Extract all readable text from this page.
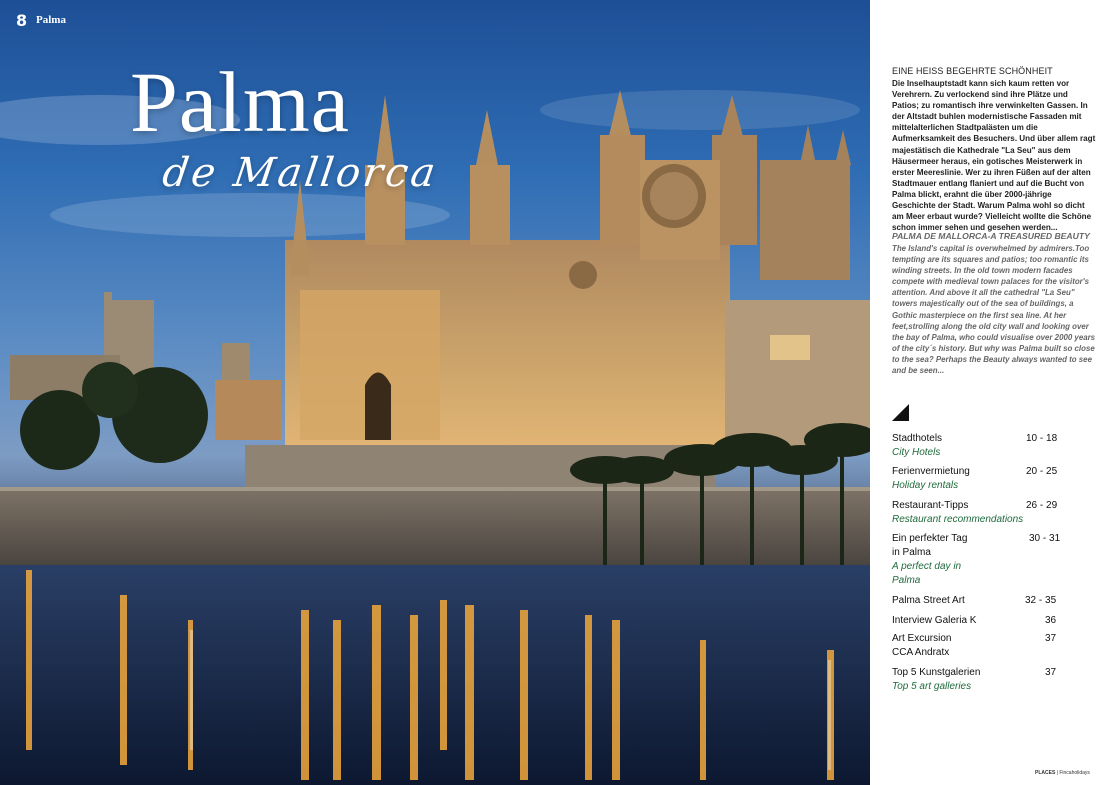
8 Palma
Palma
de Mallorca
EINE HEISS BEGEHRTE SCHÖNHEIT
Die Inselhauptstadt kann sich kaum retten vor Verehrern. Zu verlockend sind ihre Plätze und Patios; zu romantisch ihre verwinkelten Gassen. In der Altstadt buhlen modernistische Fassaden mit mittelalterlichen Stadtpalästen um die Aufmerksamkeit des Besuchers. Und über allem ragt majestätisch die Kathedrale "La Seu" aus dem Häusermeer heraus, ein gotisches Meisterwerk in erster Meereslinie. Wer zu ihren Füßen auf der alten Stadtmauer entlang flaniert und auf die Bucht von Palma blickt, erahnt die über 2000-jährige Geschichte der Stadt. Warum Palma wohl so dicht am Meer erbaut wurde? Vielleicht wollte die Schöne schon immer sehen und gesehen werden...
PALMA DE MALLORCA-A TREASURED BEAUTY
The Island's capital is overwhelmed by admirers.Too tempting are its squares and patios; too romantic its winding streets. In the old town modern facades compete with medieval town palaces for the visitor's attention. And above it all the cathedral "La Seu" towers majestically out of the sea of buildings, a Gothic masterpiece on the first sea line. At her feet,strolling along the old city wall and looking over the bay of Palma, who could visualise over 2000 years of the city´s history. But why was Palma built so close to the sea? Perhaps the Beauty always wanted to see and be seen...
Stadthotels
City Hotels
10 - 18
Ferienvermietung
Holiday rentals
20 - 25
Restaurant-Tipps
Restaurant recommendations
26 - 29
Ein perfekter Tag in Palma
A perfect day in Palma
30 - 31
Palma Street Art	32 - 35
Interview Galeria K	36
Art Excursion CCA Andratx
37
Top 5 Kunstgalerien
Top 5 art galleries
37
PLACES | Fincaholidays
